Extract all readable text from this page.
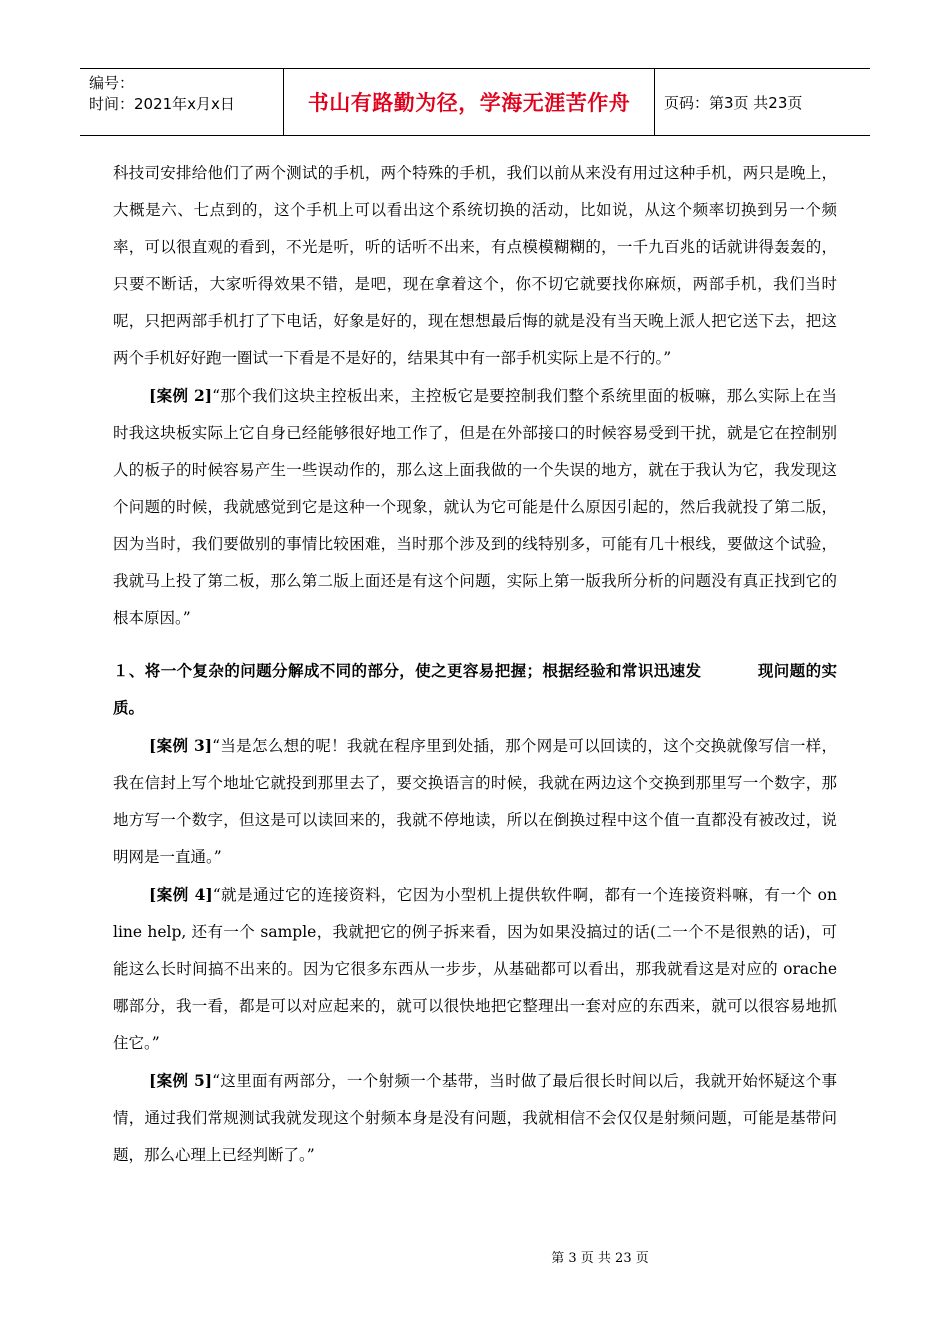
编号：
时间：2021年x月x日	书山有路勤为径，学海无涯苦作舟	页码：第3页 共23页

科技司安排给他们了两个测试的手机，两个特殊的手机，我们以前从来没有用过这种手机，两只是晚上，大概是六、七点到的，这个手机上可以看出这个系统切换的活动，比如说，从这个频率切换到另一个频率，可以很直观的看到，不光是听，听的话听不出来，有点模模糊糊的，一千九百兆的话就讲得轰轰的，只要不断话，大家听得效果不错，是吧，现在拿着这个，你不切它就要找你麻烦，两部手机，我们当时呢，只把两部手机打了下电话，好象是好的，现在想想最后悔的就是没有当天晚上派人把它送下去，把这两个手机好好跑一圈试一下看是不是好的，结果其中有一部手机实际上是不行的。”

[案例 2]“那个我们这块主控板出来，主控板它是要控制我们整个系统里面的板嘛，那么实际上在当时我这块板实际上它自身已经能够很好地工作了，但是在外部接口的时候容易受到干扰，就是它在控制别人的板子的时候容易产生一些误动作的，那么这上面我做的一个失误的地方，就在于我认为它，我发现这个问题的时候，我就感觉到它是这种一个现象，就认为它可能是什么原因引起的，然后我就投了第二版，因为当时，我们要做别的事情比较困难，当时那个涉及到的线特别多，可能有几十根线，要做这个试验，我就马上投了第二板，那么第二版上面还是有这个问题，实际上第一版我所分析的问题没有真正找到它的根本原因。”

１、将一个复杂的问题分解成不同的部分，使之更容易把握；根据经验和常识迅速发	现问题的实质。

[案例 3]“当是怎么想的呢！我就在程序里到处插，那个网是可以回读的，这个交换就像写信一样，我在信封上写个地址它就投到那里去了，要交换语言的时候，我就在两边这个交换到那里写一个数字，那地方写一个数字，但这是可以读回来的，我就不停地读，所以在倒换过程中这个值一直都没有被改过，说明网是一直通。”

[案例 4]“就是通过它的连接资料，它因为小型机上提供软件啊，都有一个连接资料嘛，有一个 on line help, 还有一个 sample，我就把它的例子拆来看，因为如果没搞过的话(二一个不是很熟的话)，可能这么长时间搞不出来的。因为它很多东西从一步步，从基础都可以看出，那我就看这是对应的 orache 哪部分，我一看，都是可以对应起来的，就可以很快地把它整理出一套对应的东西来，就可以很容易地抓住它。”

[案例 5]“这里面有两部分，一个射频一个基带，当时做了最后很长时间以后，我就开始怀疑这个事情，通过我们常规测试我就发现这个射频本身是没有问题，我就相信不会仅仅是射频问题，可能是基带问题，那么心理上已经判断了。”

第 3 页 共 23 页
